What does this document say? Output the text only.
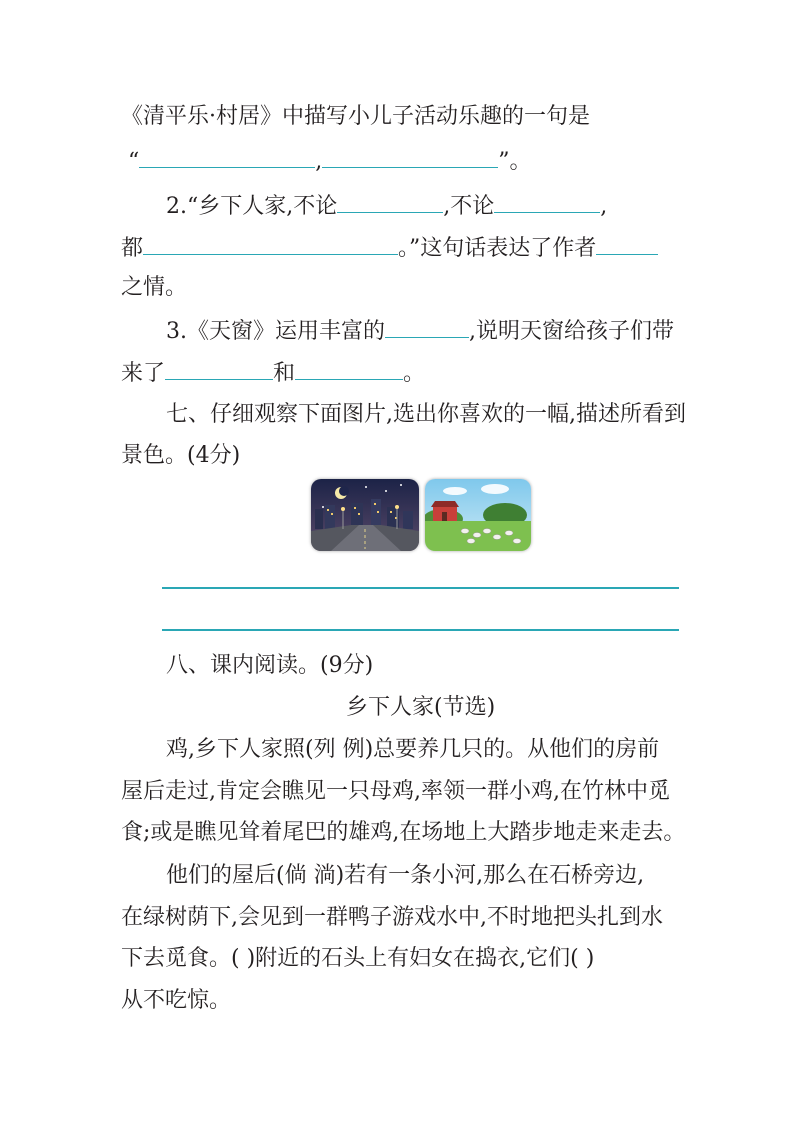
《清平乐·村居》中描写小儿子活动乐趣的一句是
“	,	”。
2.“乡下人家,不论	,不论	,
都	。”这句话表达了作者
之情。
3.《天窗》运用丰富的	,说明天窗给孩子们带
来了	和	。
七、仔细观察下面图片,选出你喜欢的一幅,描述所看到
景色。(4分)
八、课内阅读。(9分)
乡下人家(节选)
鸡,乡下人家照(列 例)总要养几只的。从他们的房前
屋后走过,肯定会瞧见一只母鸡,率领一群小鸡,在竹林中觅
食;或是瞧见耸着尾巴的雄鸡,在场地上大踏步地走来走去。
他们的屋后(倘 淌)若有一条小河,那么在石桥旁边,
在绿树荫下,会见到一群鸭子游戏水中,不时地把头扎到水
下去觅食。( )附近的石头上有妇女在捣衣,它们( )
从不吃惊。
